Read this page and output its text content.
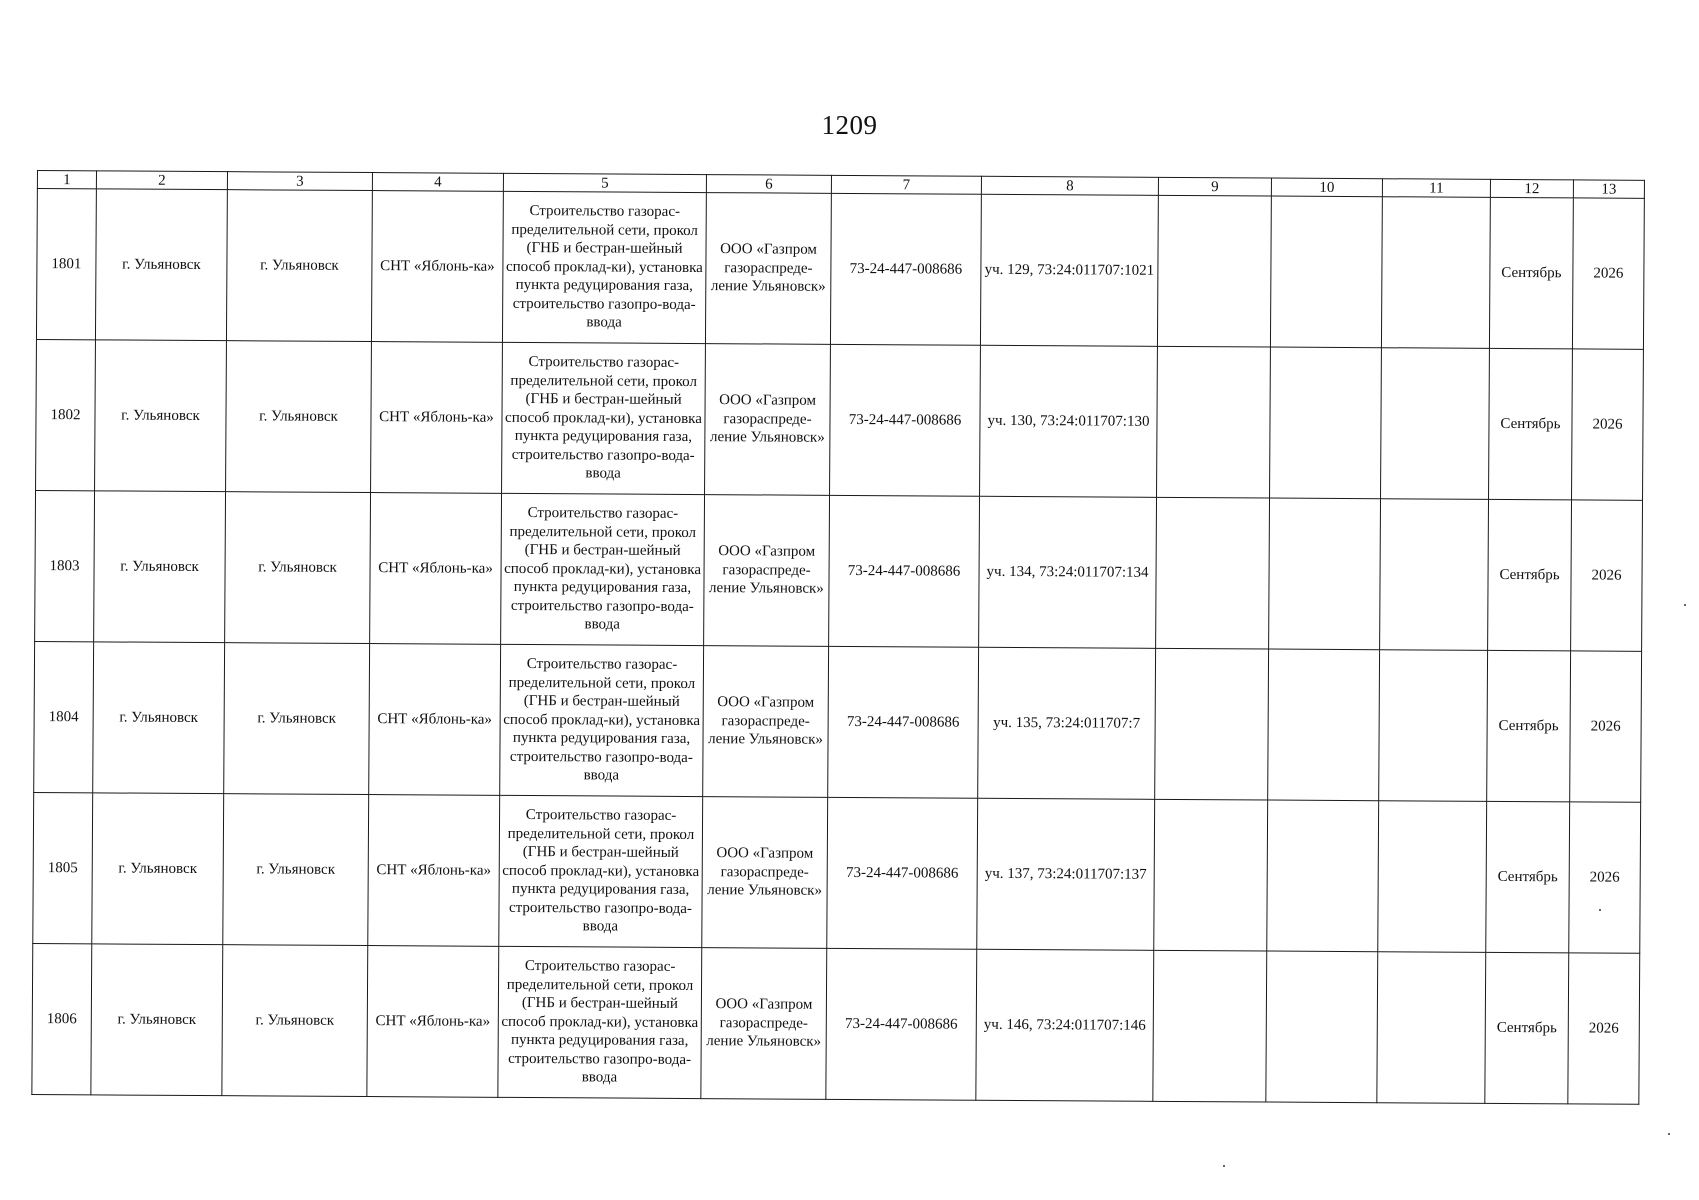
1209
1	2	3	4	5	6	7	8	9	10	11	12	13
1801	г. Ульяновск	г. Ульяновск	СНТ «Яблонь-ка»	Строительство газорас-пределительной сети, прокол (ГНБ и бестран-шейный способ проклад-ки), установка пункта редуцирования газа, строительство газопро-вода-ввода	ООО «Газпром газораспреде-ление Ульяновск»	73-24-447-008686	уч. 129, 73:24:011707:1021				Сентябрь	2026
1802	г. Ульяновск	г. Ульяновск	СНТ «Яблонь-ка»	Строительство газорас-пределительной сети, прокол (ГНБ и бестран-шейный способ проклад-ки), установка пункта редуцирования газа, строительство газопро-вода-ввода	ООО «Газпром газораспреде-ление Ульяновск»	73-24-447-008686	уч. 130, 73:24:011707:130				Сентябрь	2026
1803	г. Ульяновск	г. Ульяновск	СНТ «Яблонь-ка»	Строительство газорас-пределительной сети, прокол (ГНБ и бестран-шейный способ проклад-ки), установка пункта редуцирования газа, строительство газопро-вода-ввода	ООО «Газпром газораспреде-ление Ульяновск»	73-24-447-008686	уч. 134, 73:24:011707:134				Сентябрь	2026
1804	г. Ульяновск	г. Ульяновск	СНТ «Яблонь-ка»	Строительство газорас-пределительной сети, прокол (ГНБ и бестран-шейный способ проклад-ки), установка пункта редуцирования газа, строительство газопро-вода-ввода	ООО «Газпром газораспреде-ление Ульяновск»	73-24-447-008686	уч. 135, 73:24:011707:7				Сентябрь	2026
1805	г. Ульяновск	г. Ульяновск	СНТ «Яблонь-ка»	Строительство газорас-пределительной сети, прокол (ГНБ и бестран-шейный способ проклад-ки), установка пункта редуцирования газа, строительство газопро-вода-ввода	ООО «Газпром газораспреде-ление Ульяновск»	73-24-447-008686	уч. 137, 73:24:011707:137				Сентябрь	2026
1806	г. Ульяновск	г. Ульяновск	СНТ «Яблонь-ка»	Строительство газорас-пределительной сети, прокол (ГНБ и бестран-шейный способ проклад-ки), установка пункта редуцирования газа, строительство газопро-вода-ввода	ООО «Газпром газораспреде-ление Ульяновск»	73-24-447-008686	уч. 146, 73:24:011707:146				Сентябрь	2026
